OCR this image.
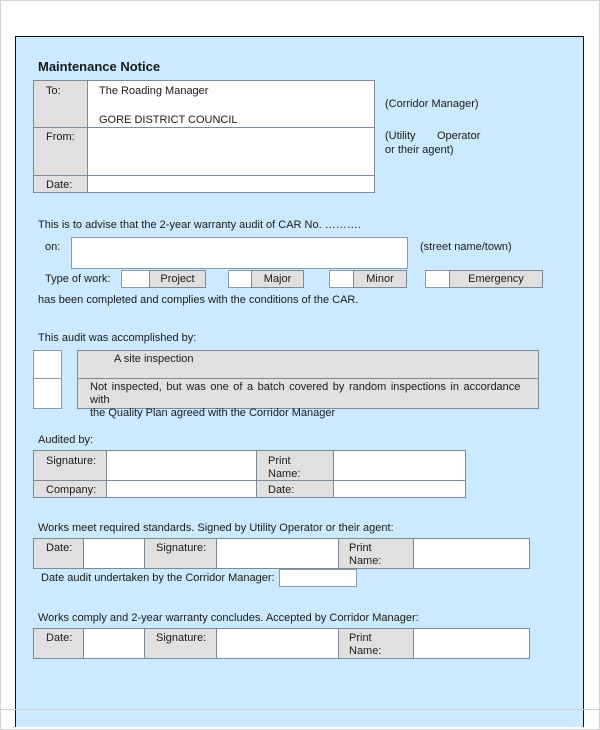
Maintenance Notice
To:	The Roading Manager
GORE DISTRICT COUNCIL
From:
Date:
(Corridor Manager)
(Utility       Operator
or their agent)
This is to advise that the 2-year warranty audit of CAR No. ……….
on:	(street name/town)
Type of work:	Project	Major	Minor	Emergency
has been completed and complies with the conditions of the CAR.
This audit was accomplished by:
A site inspection
Not inspected, but was one of a batch covered by random inspections in accordance with
the Quality Plan agreed with the Corridor Manager
Audited by:
Signature:	Print
Name:
Company:	Date:
Works meet required standards. Signed by Utility Operator or their agent:
Date:	Signature:	Print
Name:
Date audit undertaken by the Corridor Manager:
Works comply and 2-year warranty concludes. Accepted by Corridor Manager:
Date:	Signature:	Print
Name:
